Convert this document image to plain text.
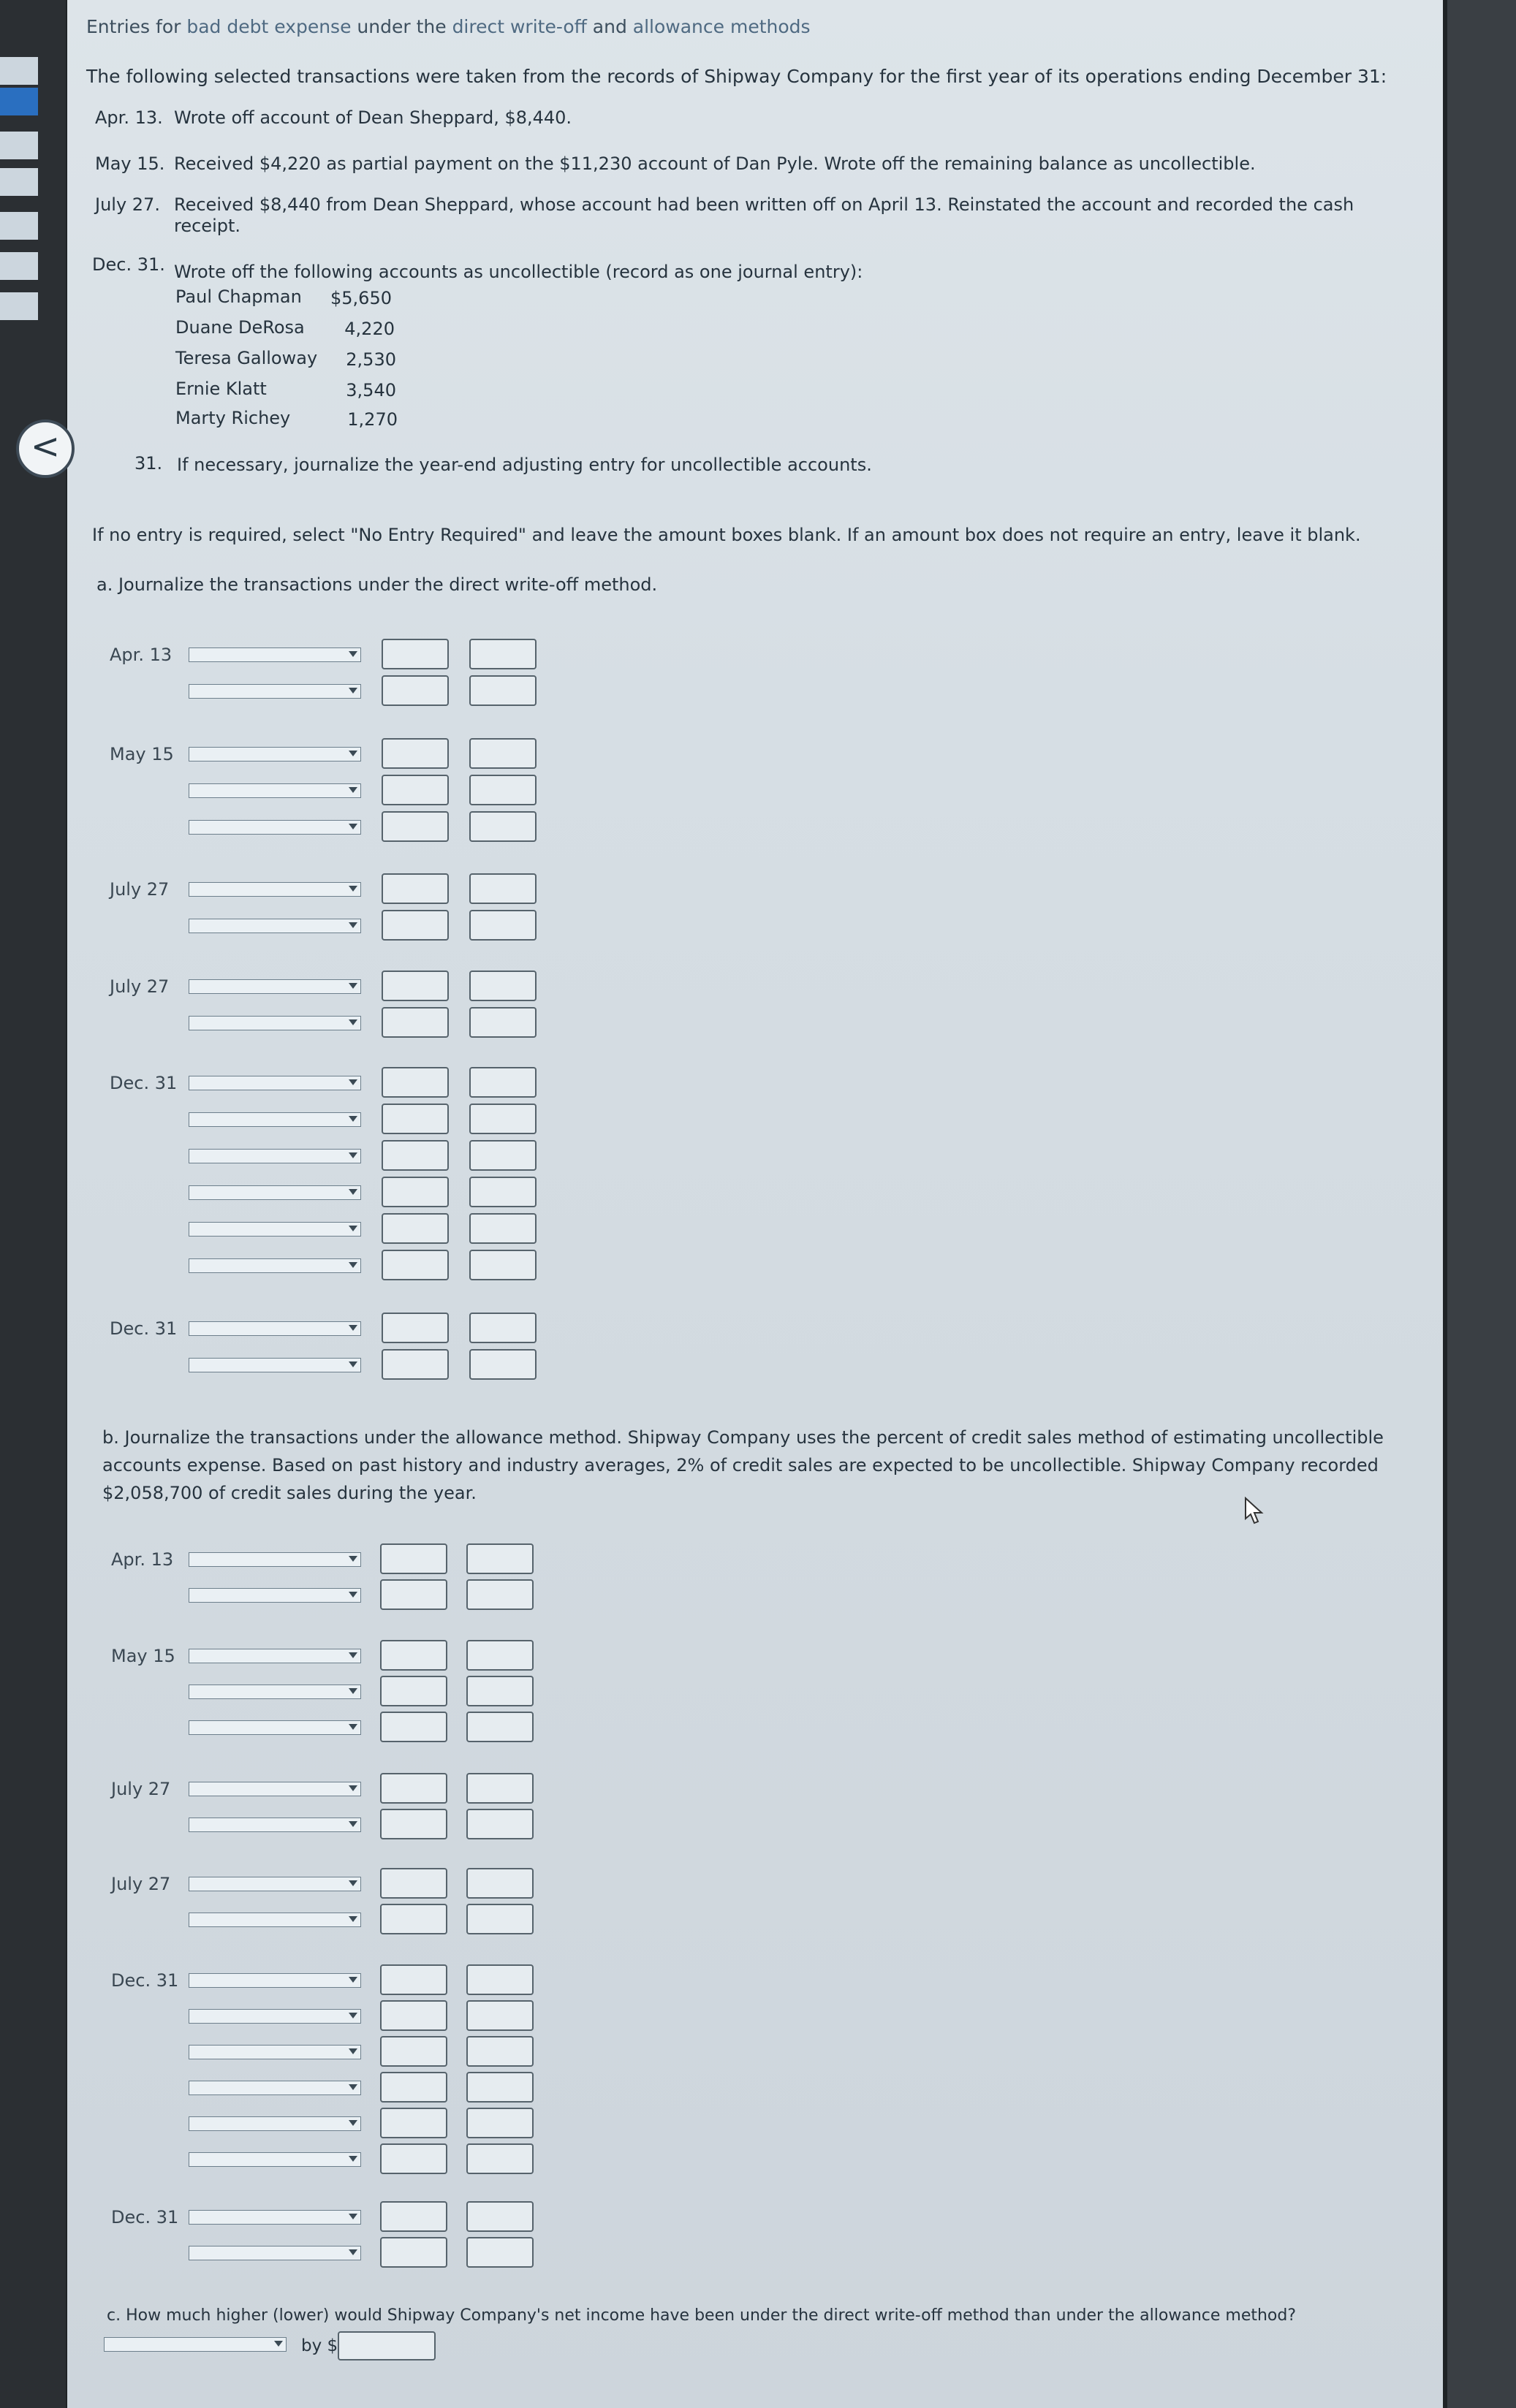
<
Entries for bad debt expense under the direct write-off and allowance methods
The following selected transactions were taken from the records of Shipway Company for the first year of its operations ending December 31:
Apr. 13. Wrote off account of Dean Sheppard, $8,440.
May 15. Received $4,220 as partial payment on the $11,230 account of Dan Pyle. Wrote off the remaining balance as uncollectible.
July 27. Received $8,440 from Dean Sheppard, whose account had been written off on April 13. Reinstated the account and recorded the cash
receipt.
Dec. 31. Wrote off the following accounts as uncollectible (record as one journal entry):
Paul Chapman	$5,650
Duane DeRosa	4,220
Teresa Galloway	2,530
Ernie Klatt	3,540
Marty Richey	1,270
31. If necessary, journalize the year-end adjusting entry for uncollectible accounts.
If no entry is required, select "No Entry Required" and leave the amount boxes blank. If an amount box does not require an entry, leave it blank.
a. Journalize the transactions under the direct write-off method.
Apr. 13
May 15
July 27
July 27
Dec. 31
Dec. 31
b. Journalize the transactions under the allowance method. Shipway Company uses the percent of credit sales method of estimating uncollectible accounts expense. Based on past history and industry averages, 2% of credit sales are expected to be uncollectible. Shipway Company recorded $2,058,700 of credit sales during the year.
Apr. 13
May 15
July 27
July 27
Dec. 31
Dec. 31
c. How much higher (lower) would Shipway Company's net income have been under the direct write-off method than under the allowance method?
by $
